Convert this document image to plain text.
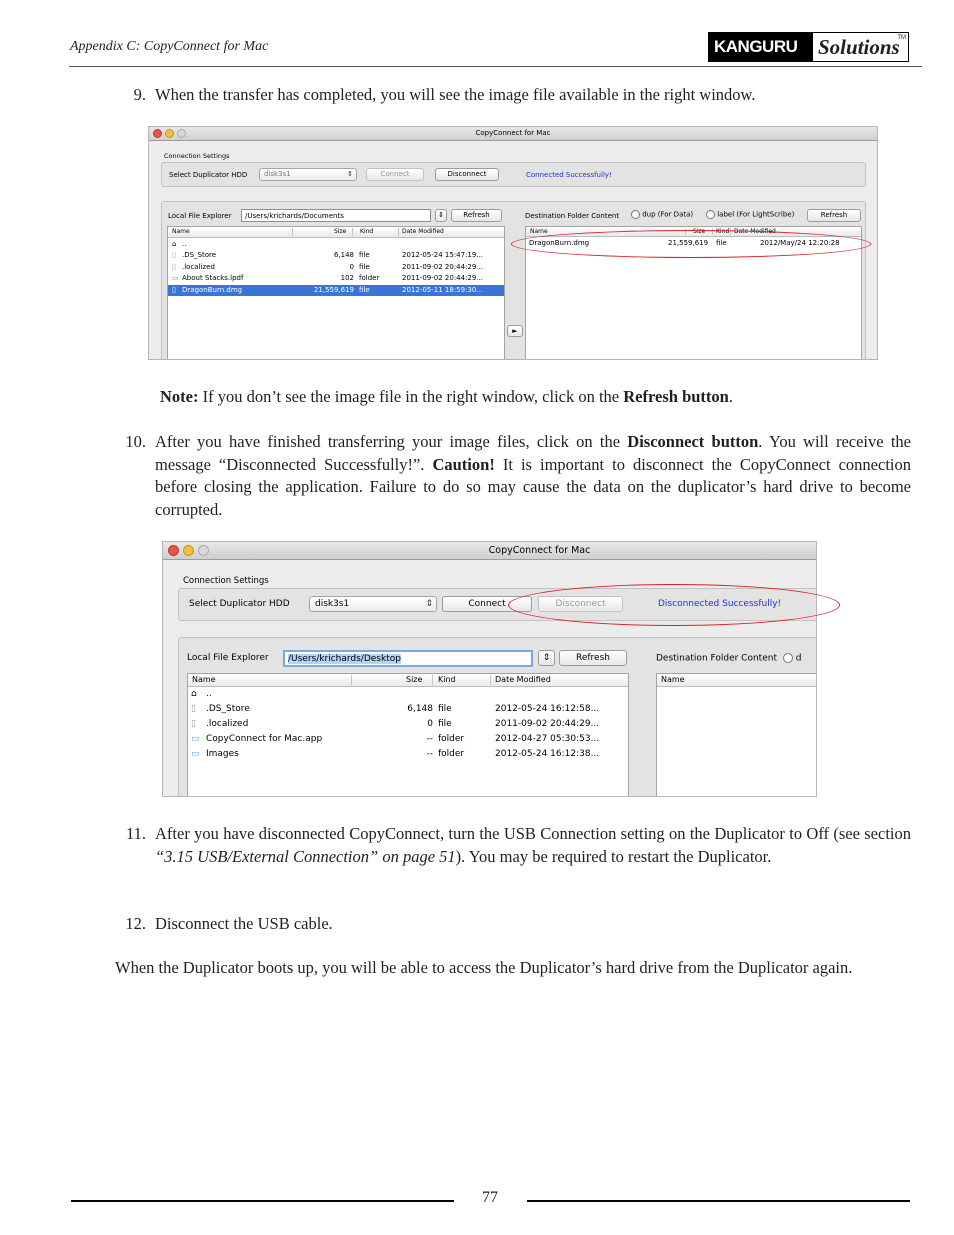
Appendix C: CopyConnect for Mac	KANGURU Solutions
TM
9. When the transfer has completed, you will see the image file available in the right window.
CopyConnect for Mac
Connection Settings
Select Duplicator HDD	disk3s1	⇕	Connect	Disconnect	Connected Successfully!
Local File Explorer	/Users/krichards/Documents	⇕	Refresh	Destination Folder Content	dup (For Data)	label (For LightScribe)	Refresh
Name	Size Kind	Date Modified
⌂ ..
▯ .DS_Store	6,148 file	2012-05-24 15:47:19...
▯ .localized	0 file	2011-09-02 20:44:29...
▭ About Stacks.lpdf	102 folder	2011-09-02 20:44:29...
▯ DragonBurn.dmg	21,559,619 file	2012-05-11 18:59:30...
►
Name	Size Kind Date Modified
DragonBurn.dmg	21,559,619 file	2012/May/24 12:20:28
Note: If you don’t see the image file in the right window, click on the Refresh button.
10. After you have finished transferring your image files, click on the Disconnect button. You will receive the message “Disconnected Successfully!”. Caution! It is important to disconnect the CopyConnect connection before closing the application. Failure to do so may cause the data on the duplicator’s hard drive to become corrupted.
CopyConnect for Mac
Connection Settings
Select Duplicator HDD	disk3s1	⇕	Connect	Disconnect	Disconnected Successfully!
Local File Explorer	/Users/krichards/Desktop	⇕	Refresh	Destination Folder Content d
Name	Size Kind	Date Modified
⌂ ..
▯ .DS_Store	6,148 file	2012-05-24 16:12:58...
▯ .localized	0 file	2011-09-02 20:44:29...
▭ CopyConnect for Mac.app	-- folder	2012-04-27 05:30:53...
▭ Images	-- folder	2012-05-24 16:12:38...
Name
11. After you have disconnected CopyConnect, turn the USB Connection setting on the Duplicator to Off (see section “3.15 USB/External Connection” on page 51). You may be required to restart the Duplicator.
12. Disconnect the USB cable.
When the Duplicator boots up, you will be able to access the Duplicator’s hard drive from the Duplicator again.
77
